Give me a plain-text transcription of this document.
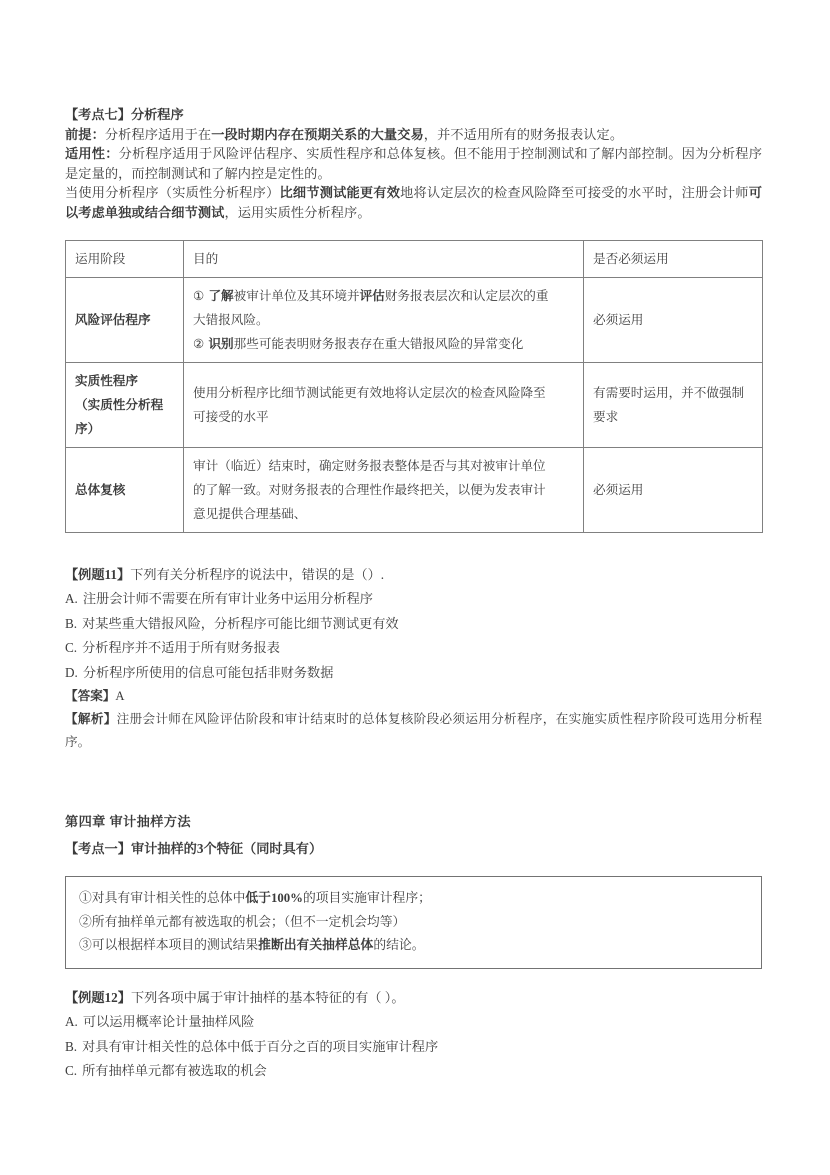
【考点七】分析程序

前提：分析程序适用于在一段时期内存在预期关系的大量交易，并不适用所有的财务报表认定。

适用性：分析程序适用于风险评估程序、实质性程序和总体复核。但不能用于控制测试和了解内部控制。因为分析程序是定量的，而控制测试和了解内控是定性的。

当使用分析程序（实质性分析程序）比细节测试能更有效地将认定层次的检查风险降至可接受的水平时，注册会计师可以考虑单独或结合细节测试，运用实质性分析程序。

运用阶段	目的	是否必须运用
风险评估程序	① 了解被审计单位及其环境并评估财务报表层次和认定层次的重
大错报风险。
② 识别那些可能表明财务报表存在重大错报风险的异常变化	必须运用

实质性程序
（实质性分析程
序）	使用分析程序比细节测试能更有效地将认定层次的检查风险降至
可接受的水平	有需要时运用，并不做强制要求
总体复核	审计（临近）结束时，确定财务报表整体是否与其对被审计单位
的了解一致。对财务报表的合理性作最终把关，以便为发表审计
意见提供合理基础、	必须运用

【例题11】下列有关分析程序的说法中，错误的是（）.

A. 注册会计师不需要在所有审计业务中运用分析程序

B. 对某些重大错报风险，分析程序可能比细节测试更有效

C. 分析程序并不适用于所有财务报表

D. 分析程序所使用的信息可能包括非财务数据

【答案】A

【解析】注册会计师在风险评估阶段和审计结束时的总体复核阶段必须运用分析程序，在实施实质性程序阶段可选用分析程序。

第四章 审计抽样方法

【考点一】审计抽样的3个特征（同时具有）

①对具有审计相关性的总体中低于100%的项目实施审计程序；

②所有抽样单元都有被选取的机会；（但不一定机会均等）

③可以根据样本项目的测试结果推断出有关抽样总体的结论。

【例题12】下列各项中属于审计抽样的基本特征的有（ ）。

A. 可以运用概率论计量抽样风险

B. 对具有审计相关性的总体中低于百分之百的项目实施审计程序

C. 所有抽样单元都有被选取的机会
